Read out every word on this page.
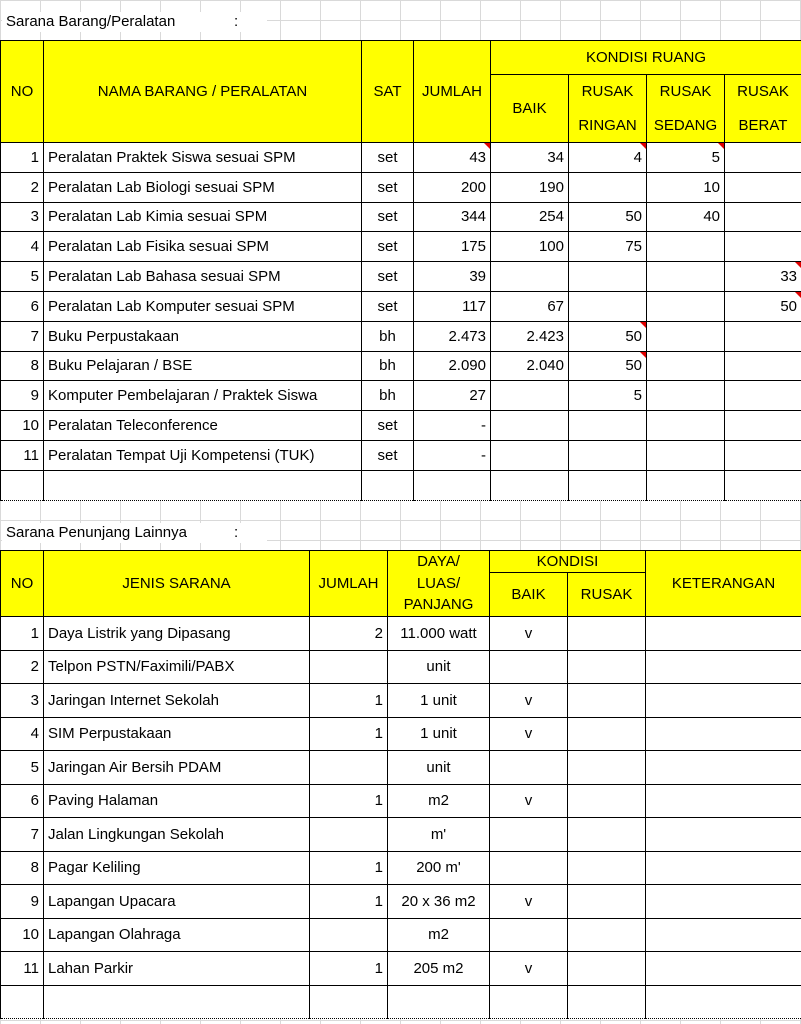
Sarana Barang/Peralatan	:
NO	NAMA BARANG / PERALATAN	SAT	JUMLAH	KONDISI RUANG			
				BAIK	RUSAK	RUSAK	RUSAK
					RINGAN	SEDANG	BERAT
1	Peralatan Praktek Siswa sesuai SPM	set	43	34	4	5	
2	Peralatan Lab Biologi sesuai SPM	set	200	190		10	
3	Peralatan Lab Kimia sesuai SPM	set	344	254	50	40	
4	Peralatan Lab Fisika sesuai SPM	set	175	100	75		
5	Peralatan Lab Bahasa sesuai SPM	set	39				33
6	Peralatan Lab Komputer sesuai SPM	set	117	67			50
7	Buku Perpustakaan	bh	2.473	2.423	50		
8	Buku Pelajaran / BSE	bh	2.090	2.040	50		
9	Komputer Pembelajaran / Praktek Siswa	bh	27		5		
10	Peralatan Teleconference	set	-				
11	Peralatan Tempat Uji Kompetensi (TUK)	set	-				

Sarana Penunjang Lainnya	:
NO	JENIS SARANA	JUMLAH	DAYA/	KONDISI		KETERANGAN
			LUAS/	BAIK	RUSAK	
			PANJANG			
1	Daya Listrik yang Dipasang	2	11.000 watt	v		
2	Telpon PSTN/Faximili/PABX		unit			
3	Jaringan Internet Sekolah	1	1 unit	v		
4	SIM Perpustakaan	1	1 unit	v		
5	Jaringan Air Bersih PDAM		unit			
6	Paving Halaman	1	m2	v		
7	Jalan Lingkungan Sekolah		m'			
8	Pagar Keliling	1	200 m'			
9	Lapangan Upacara	1	20 x 36 m2	v		
10	Lapangan Olahraga		m2			
11	Lahan Parkir	1	205 m2	v		
